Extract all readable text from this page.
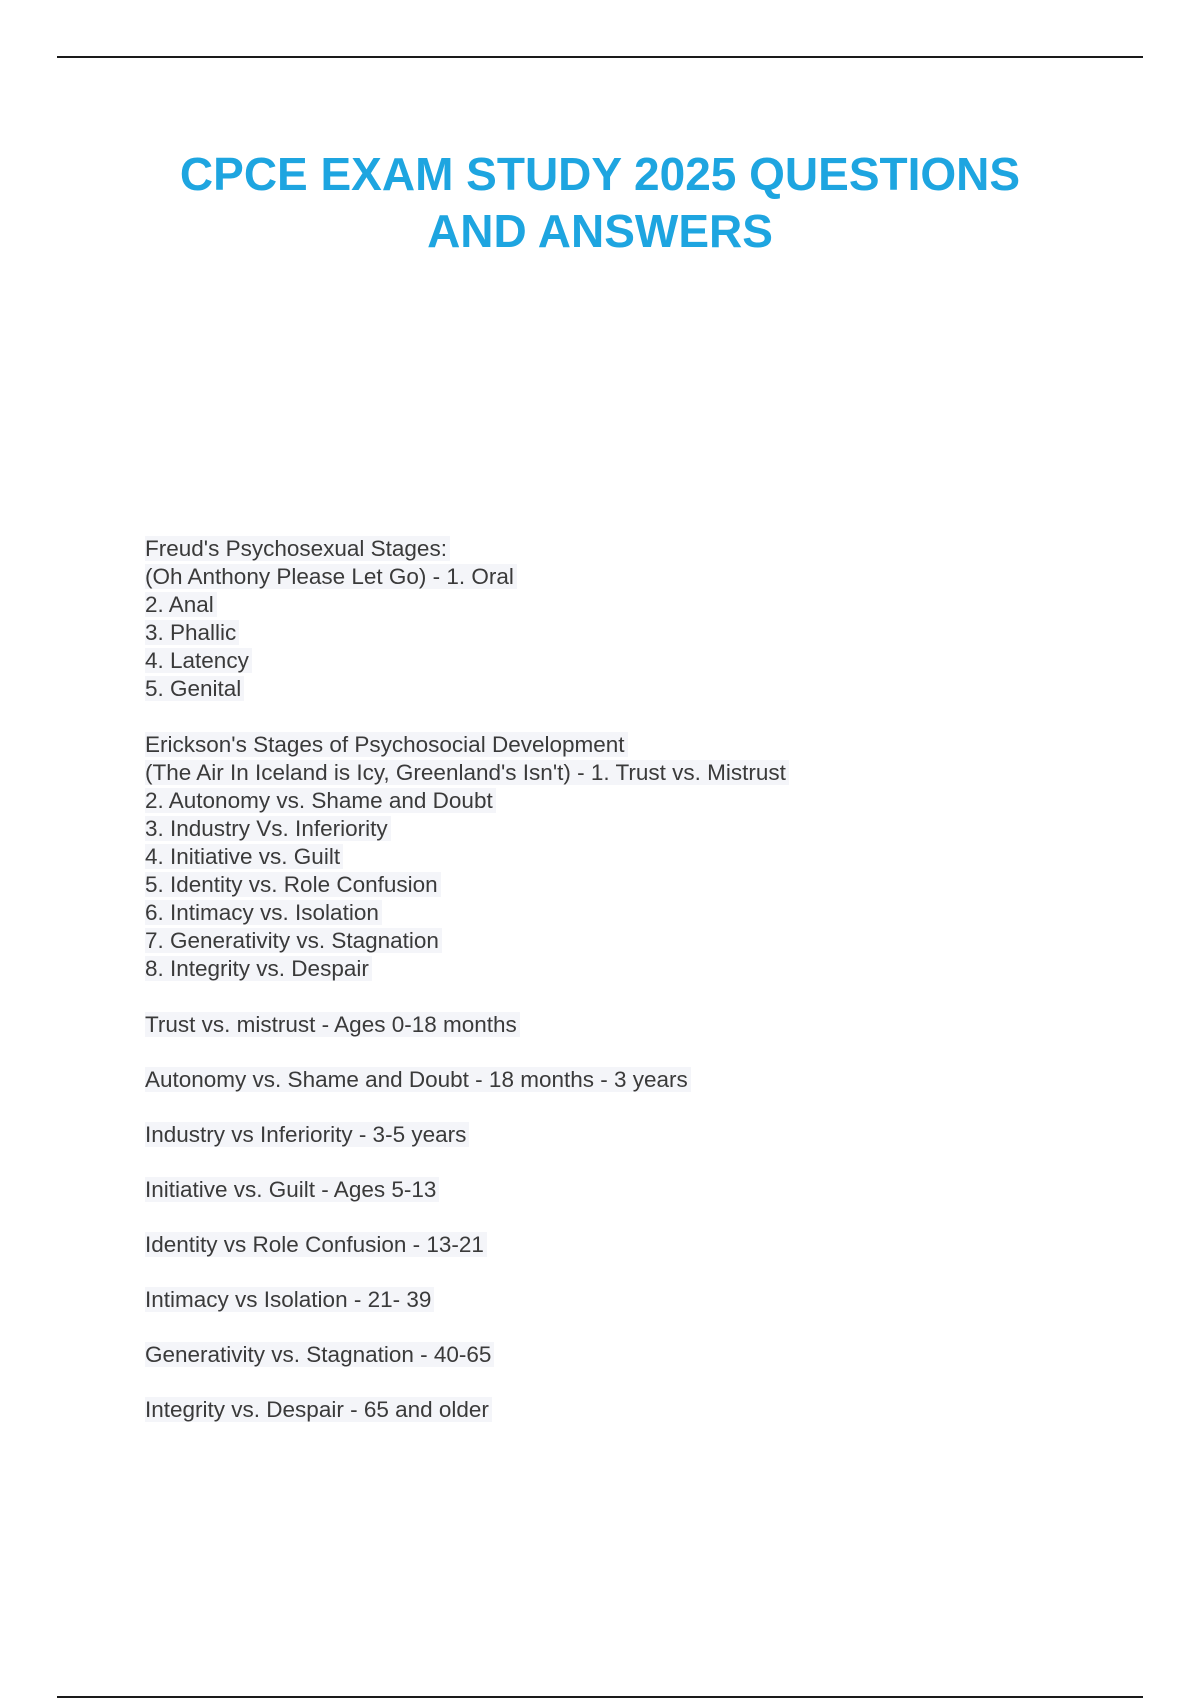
CPCE EXAM STUDY 2025 QUESTIONS
AND ANSWERS
Freud's Psychosexual Stages:
(Oh Anthony Please Let Go) - 1. Oral
2. Anal
3. Phallic
4. Latency
5. Genital
Erickson's Stages of Psychosocial Development
(The Air In Iceland is Icy, Greenland's Isn't) - 1. Trust vs. Mistrust
2. Autonomy vs. Shame and Doubt
3. Industry Vs. Inferiority
4. Initiative vs. Guilt
5. Identity vs. Role Confusion
6. Intimacy vs. Isolation
7. Generativity vs. Stagnation
8. Integrity vs. Despair
Trust vs. mistrust - Ages 0-18 months
Autonomy vs. Shame and Doubt - 18 months - 3 years
Industry vs Inferiority - 3-5 years
Initiative vs. Guilt - Ages 5-13
Identity vs Role Confusion - 13-21
Intimacy vs Isolation - 21- 39
Generativity vs. Stagnation - 40-65
Integrity vs. Despair - 65 and older
